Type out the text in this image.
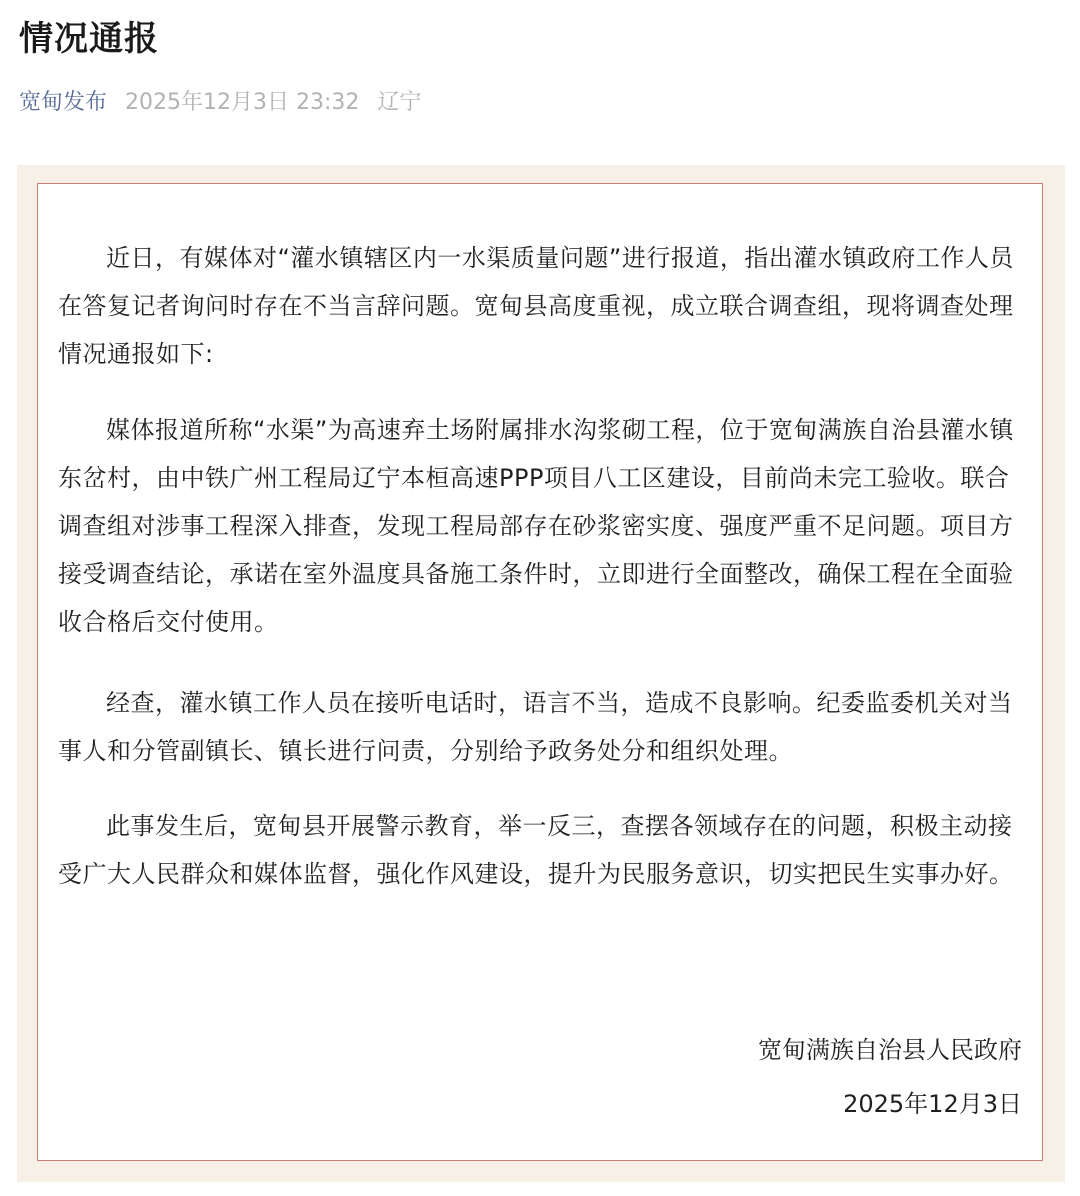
情况通报
宽甸发布 2025年12月3日 23:32 辽宁

近日，有媒体对“灌水镇辖区内一水渠质量问题”进行报道，指出灌水镇政府工作人员在答复记者询问时存在不当言辞问题。宽甸县高度重视，成立联合调查组，现将调查处理情况通报如下:

媒体报道所称“水渠”为高速弃土场附属排水沟浆砌工程，位于宽甸满族自治县灌水镇东岔村，由中铁广州工程局辽宁本桓高速PPP项目八工区建设，目前尚未完工验收。联合调查组对涉事工程深入排查，发现工程局部存在砂浆密实度、强度严重不足问题。项目方接受调查结论，承诺在室外温度具备施工条件时，立即进行全面整改，确保工程在全面验收合格后交付使用。

经查，灌水镇工作人员在接听电话时，语言不当，造成不良影响。纪委监委机关对当事人和分管副镇长、镇长进行问责，分别给予政务处分和组织处理。

此事发生后，宽甸县开展警示教育，举一反三，查摆各领域存在的问题，积极主动接受广大人民群众和媒体监督，强化作风建设，提升为民服务意识，切实把民生实事办好。

宽甸满族自治县人民政府

2025年12月3日
